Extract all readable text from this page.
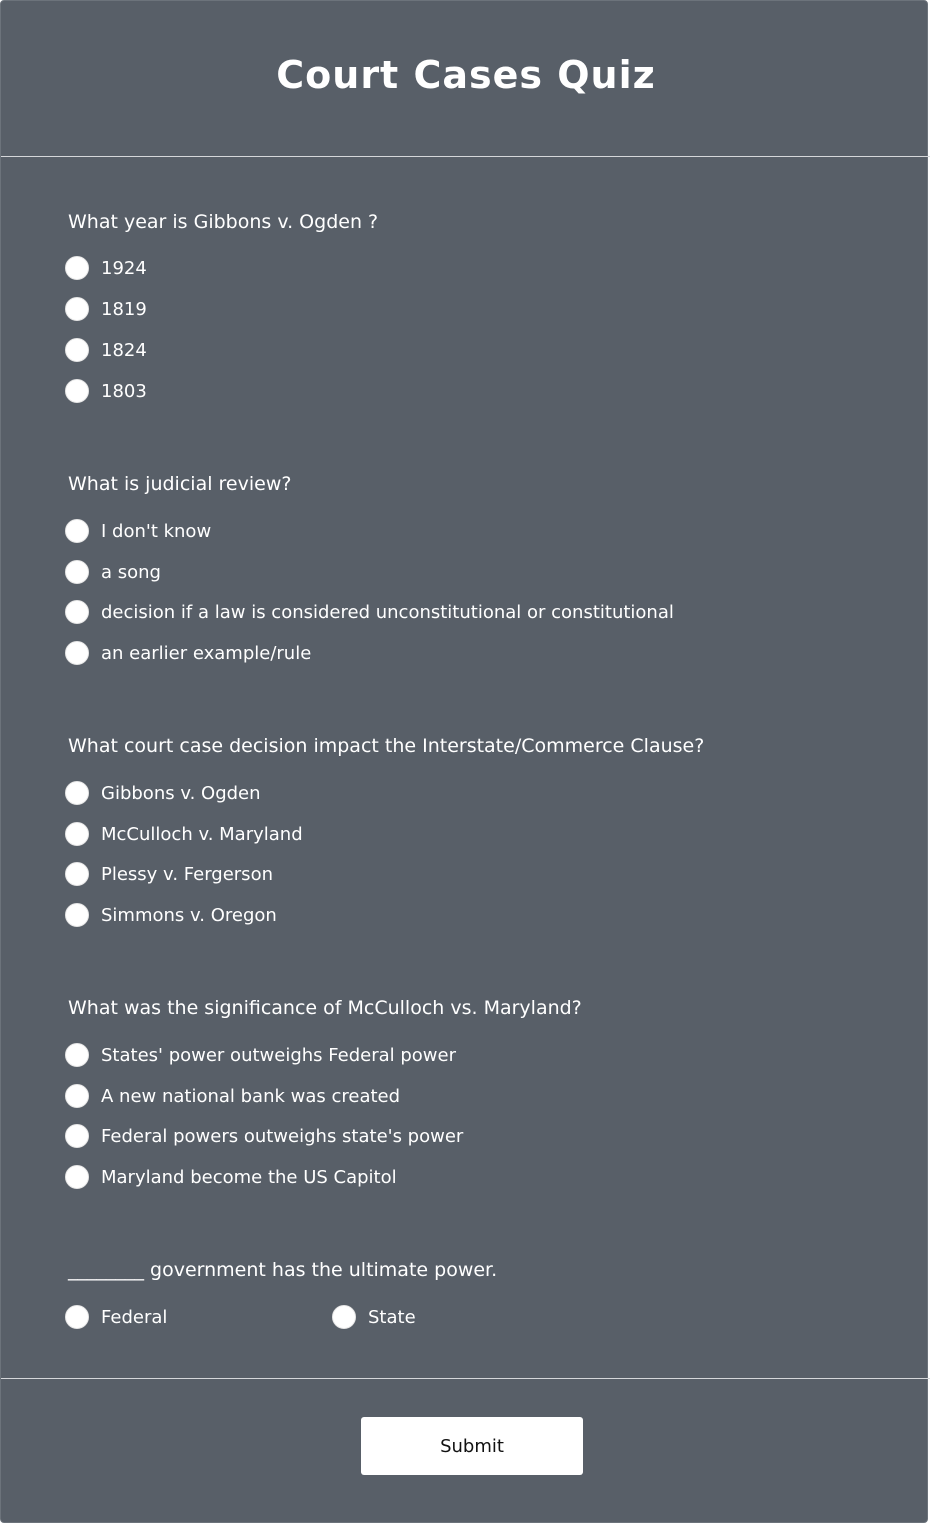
Court Cases Quiz

What year is Gibbons v. Ogden ?

1924
1819
1824
1803

What is judicial review?

I don't know
a song
decision if a law is considered unconstitutional or constitutional
an earlier example/rule

What court case decision impact the Interstate/Commerce Clause?

Gibbons v. Ogden
McCulloch v. Maryland
Plessy v. Fergerson
Simmons v. Oregon

What was the significance of McCulloch vs. Maryland?

States' power outweighs Federal power
A new national bank was created
Federal powers outweighs state's power
Maryland become the US Capitol

________ government has the ultimate power.

Federal	State
Submit
